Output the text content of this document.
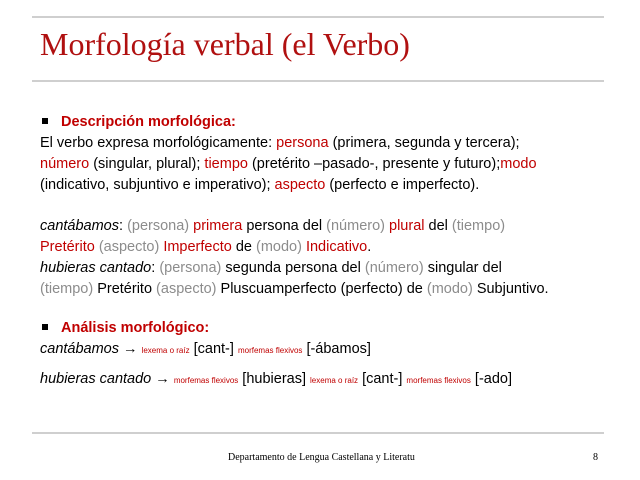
Morfología verbal (el Verbo)
Descripción morfológica:
El verbo expresa morfológicamente: persona (primera, segunda y tercera);
número (singular, plural); tiempo (pretérito –pasado-, presente y futuro);modo
(indicativo, subjuntivo e imperativo); aspecto (perfecto e imperfecto).
cantábamos: (persona) primera persona del (número) plural del (tiempo)
Pretérito (aspecto) Imperfecto de (modo) Indicativo.
hubieras cantado: (persona) segunda persona del (número) singular del
(tiempo) Pretérito (aspecto) Pluscuamperfecto (perfecto) de (modo) Subjuntivo.
Análisis morfológico:
cantábamos → lexema o raíz [cant-] morfemas flexivos [-ábamos]
hubieras cantado → morfemas flexivos [hubieras] lexema o raíz [cant-] morfemas flexivos [-ado]
Departamento de Lengua Castellana y Literatu	8
